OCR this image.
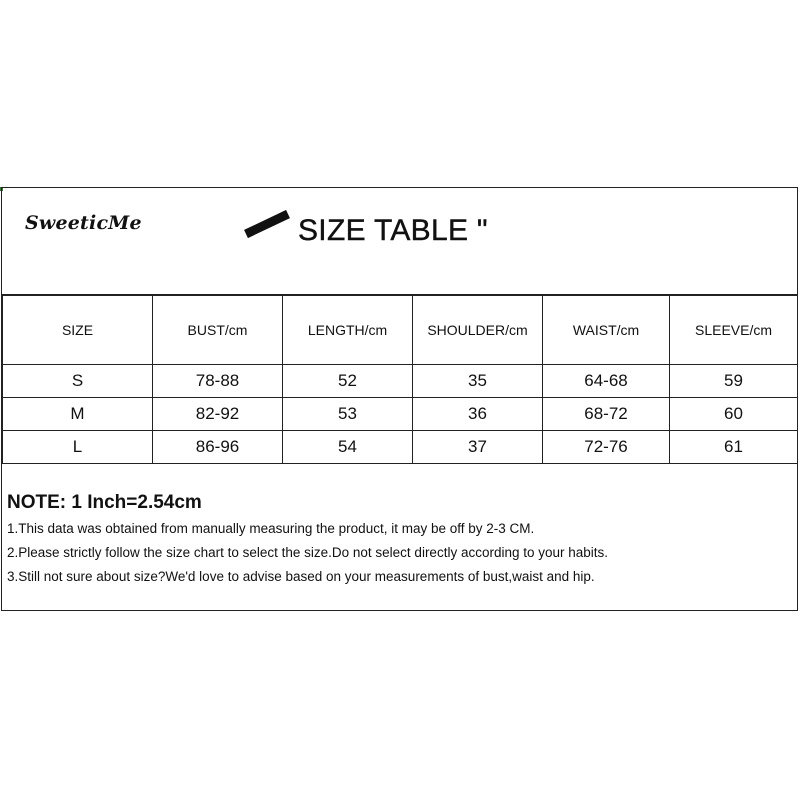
SweeticMe	SIZE TABLE "
SIZE	BUST/cm	LENGTH/cm	SHOULDER/cm	WAIST/cm	SLEEVE/cm
S	78-88	52	35	64-68	59
M	82-92	53	36	68-72	60
L	86-96	54	37	72-76	61
NOTE: 1 Inch=2.54cm
1.This data was obtained from manually measuring the product, it may be off by 2-3 CM.
2.Please strictly follow the size chart to select the size.Do not select directly according to your habits.
3.Still not sure about size?We'd love to advise based on your measurements of bust,waist and hip.
